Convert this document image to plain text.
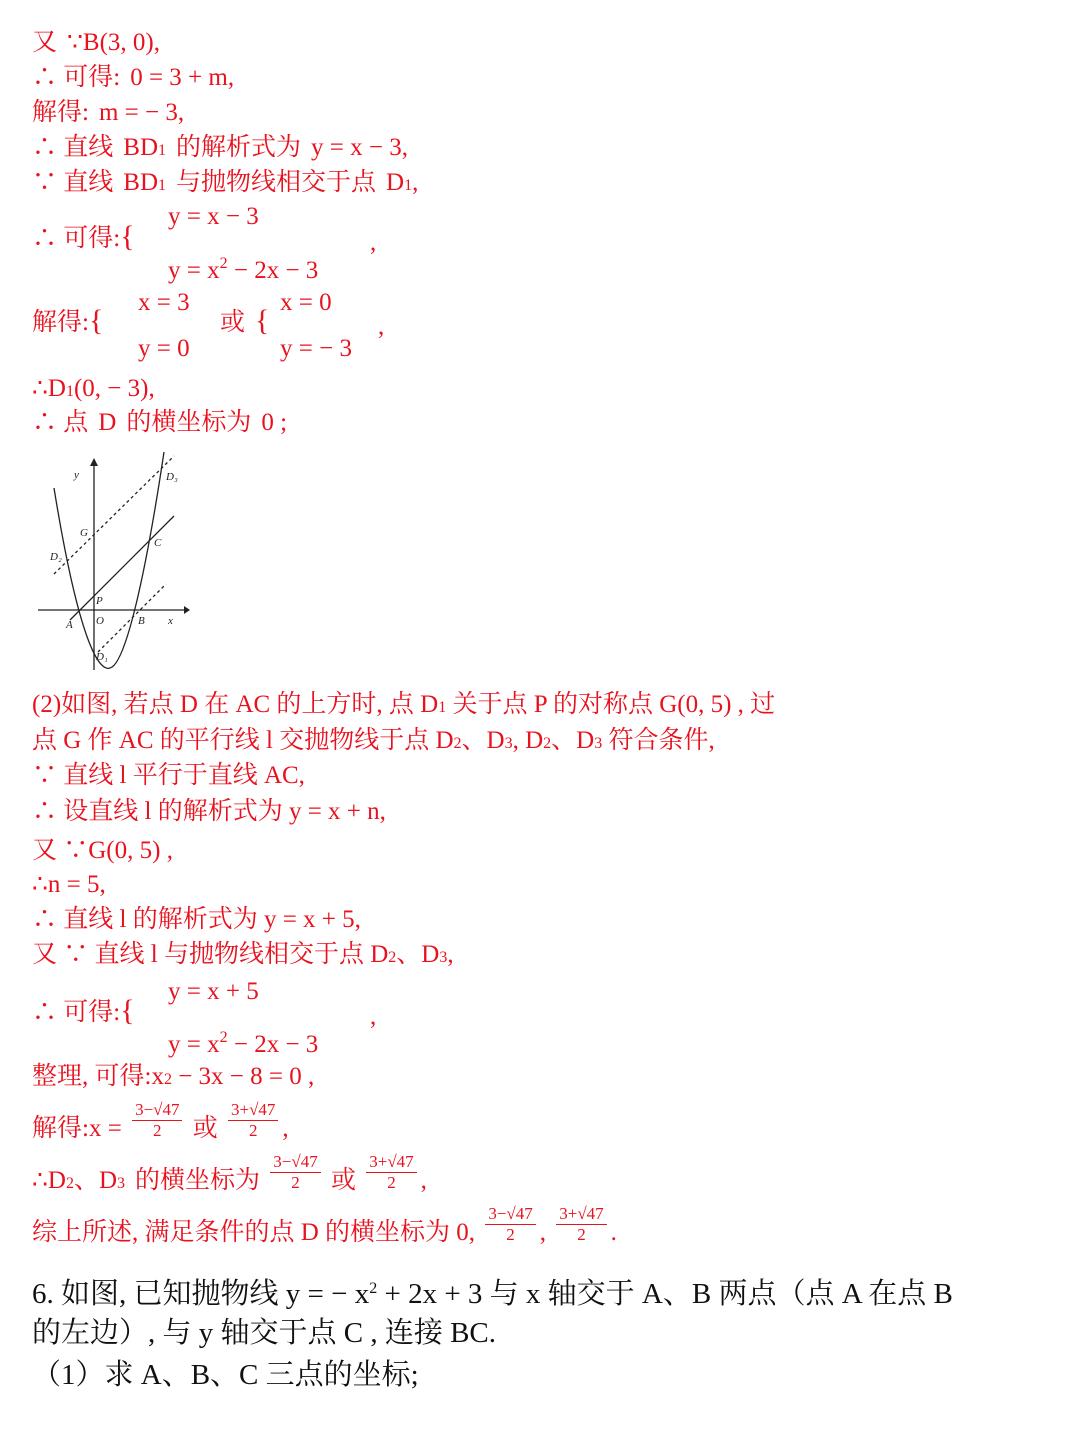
又 ∵B(3, 0),
∴ 可得: 0 = 3 + m,
解得: m = − 3,
∴ 直线 BD1 的解析式为 y = x − 3,
∵ 直线 BD1 与抛物线相交于点 D1,
∴ 可得:{
y = x − 3
$y = x^2 - 2x - 3$
,
解得:{
x = 3
y = 0
或 {
x = 0
y = − 3
,
∴D1(0, − 3),
∴ 点 D 的横坐标为 0 ;
y
x
D₃
G
C
D₂
P
A O	B
D₁
(2)如图, 若点 D 在 AC 的上方时, 点 D1 关于点 P 的对称点 G(0, 5) , 过
点 G 作 AC 的平行线 l 交抛物线于点 D2、D3, D2、D3 符合条件,
∵ 直线 l 平行于直线 AC,
∴ 设直线 l 的解析式为 y = x + n,
又 ∵G(0, 5) ,
∴n = 5,
∴ 直线 l 的解析式为 y = x + 5,
又 ∵ 直线 l 与抛物线相交于点 D2、D3,
∴ 可得:{
y = x + 5
$y = x^2 - 2x - 3$
,
整理, 可得:x2 − 3x − 8 = 0 ,
解得:x = $\frac{3-√47}{2}$ 或 $\frac{3+√47}{2}$ ,
∴D2、D3 的横坐标为 $\frac{3-√47}{2}$ 或 $\frac{3+√47}{2}$ ,
综上所述, 满足条件的点 D 的横坐标为 0, $\frac{3-√47}{2}$ , $\frac{3+√47}{2}$ .
6. 如图, 已知抛物线 y = − $x^2 + 2x + 3$ 与 x 轴交于 A、B 两点（点 A 在点 B
的左边）, 与 y 轴交于点 C , 连接 BC.
（1）求 A、B、C 三点的坐标;
